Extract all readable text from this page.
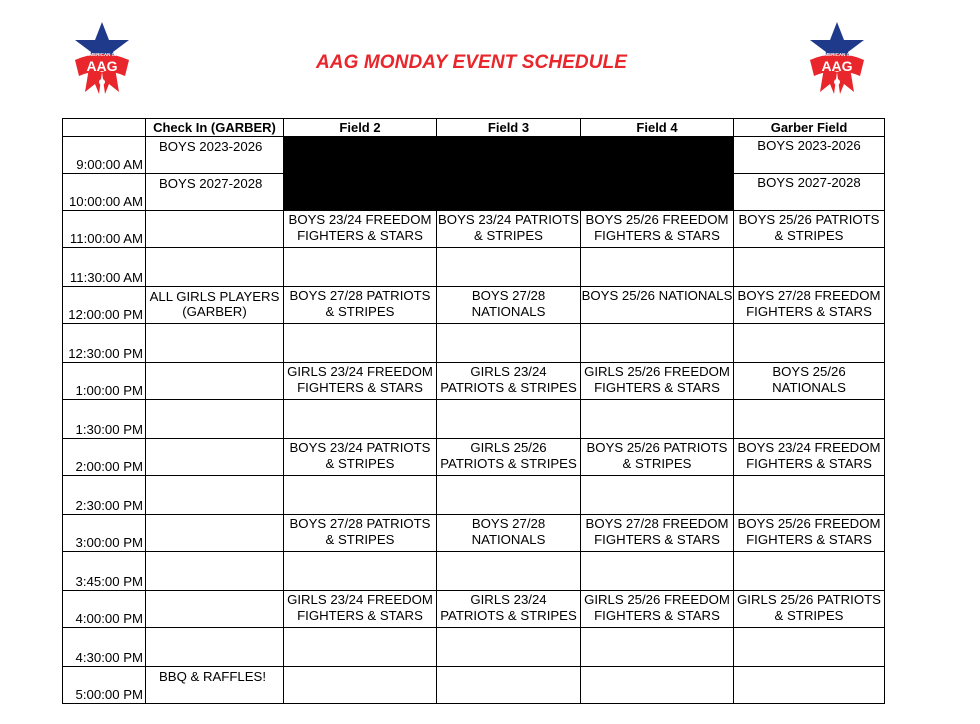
ALL-AMERICAN GAMES
AAG
ALL-AMERICAN GAMES
AAG
AAG MONDAY EVENT SCHEDULE
	Check In (GARBER)	Field 2	Field 3	Field 4	Garber Field
9:00:00 AM	BOYS 2023-2026				BOYS 2023-2026
10:00:00 AM	BOYS 2027-2028				BOYS 2027-2028
11:00:00 AM		BOYS 23/24 FREEDOM FIGHTERS & STARS	BOYS 23/24 PATRIOTS & STRIPES	BOYS 25/26 FREEDOM FIGHTERS & STARS	BOYS 25/26 PATRIOTS & STRIPES
11:30:00 AM					
12:00:00 PM	ALL GIRLS PLAYERS (GARBER)	BOYS 27/28 PATRIOTS & STRIPES	BOYS 27/28 NATIONALS	BOYS 25/26 NATIONALS	BOYS 27/28 FREEDOM FIGHTERS & STARS
12:30:00 PM					
1:00:00 PM		GIRLS 23/24 FREEDOM FIGHTERS & STARS	GIRLS 23/24 PATRIOTS & STRIPES	GIRLS 25/26 FREEDOM FIGHTERS & STARS	BOYS 25/26 NATIONALS
1:30:00 PM					
2:00:00 PM		BOYS 23/24 PATRIOTS & STRIPES	GIRLS 25/26 PATRIOTS & STRIPES	BOYS 25/26 PATRIOTS & STRIPES	BOYS 23/24 FREEDOM FIGHTERS & STARS
2:30:00 PM					
3:00:00 PM		BOYS 27/28 PATRIOTS & STRIPES	BOYS 27/28 NATIONALS	BOYS 27/28 FREEDOM FIGHTERS & STARS	BOYS 25/26 FREEDOM FIGHTERS & STARS
3:45:00 PM					
4:00:00 PM		GIRLS 23/24 FREEDOM FIGHTERS & STARS	GIRLS 23/24 PATRIOTS & STRIPES	GIRLS 25/26 FREEDOM FIGHTERS & STARS	GIRLS 25/26 PATRIOTS & STRIPES
4:30:00 PM					
5:00:00 PM	BBQ & RAFFLES!				
